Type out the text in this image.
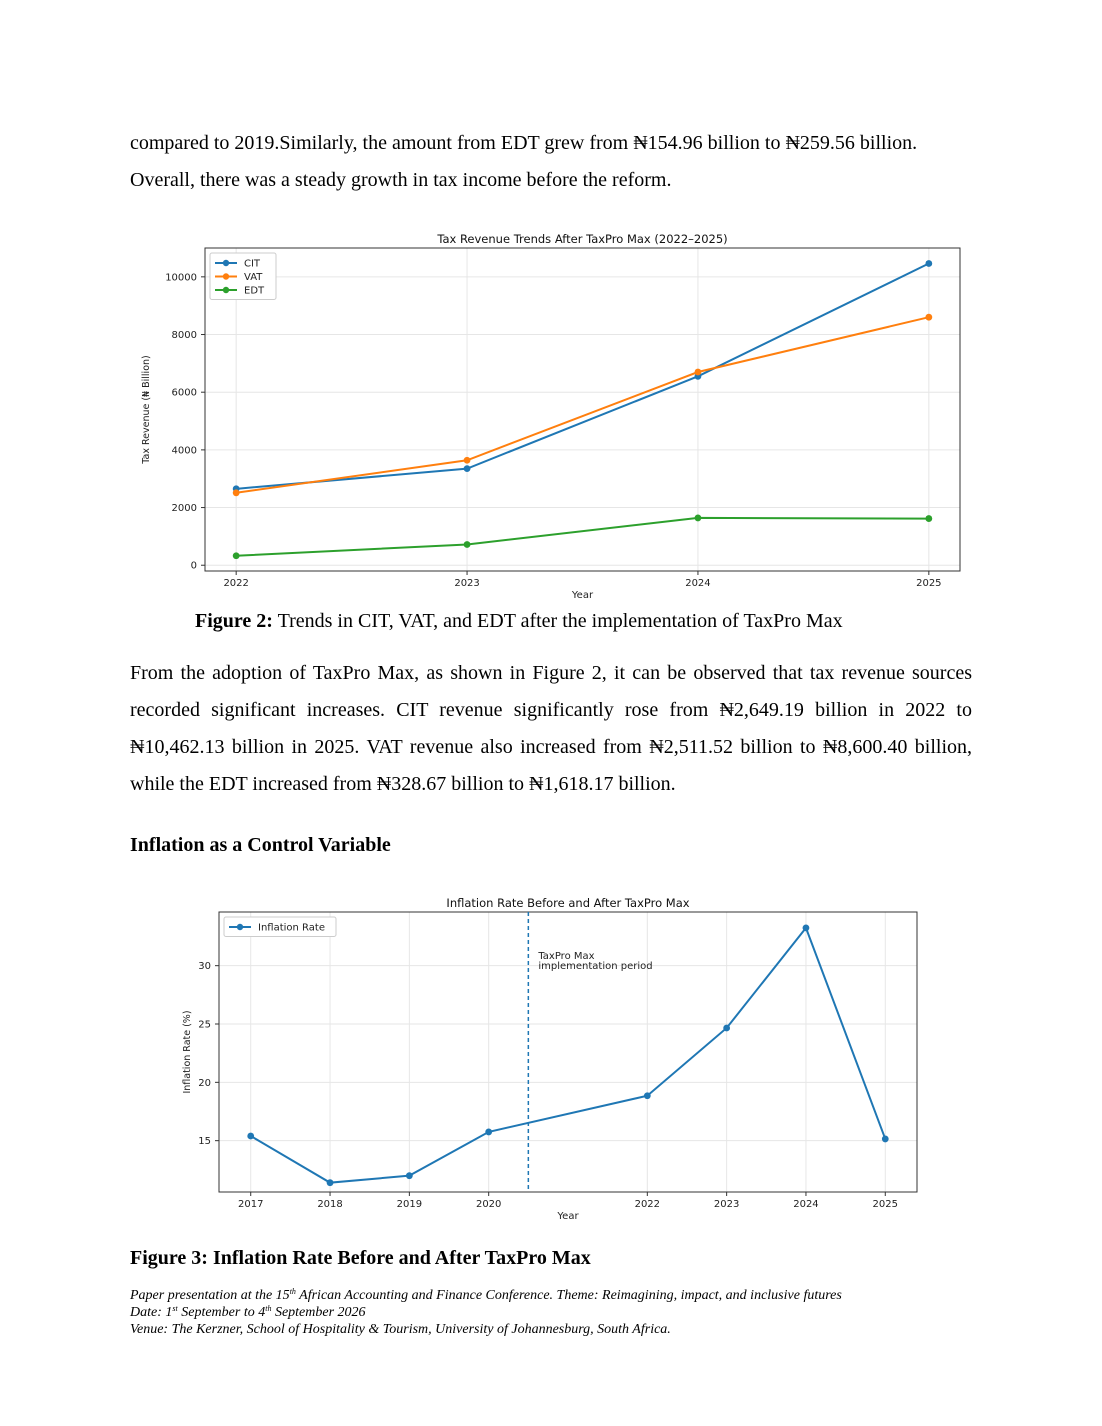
compared to 2019.Similarly, the amount from EDT grew from ₦154.96 billion to ₦259.56 billion. Overall, there was a steady growth in tax income before the reform.

2022	2023	2024	2025
0
2000
4000
6000
8000
10000
Tax Revenue Trends After TaxPro Max (2022–2025)
Year
Tax Revenue (₦ Billion)
CIT
VAT
EDT

Figure 2: Trends in CIT, VAT, and EDT after the implementation of TaxPro Max

From the adoption of TaxPro Max, as shown in Figure 2, it can be observed that tax revenue sources recorded significant increases. CIT revenue significantly rose from ₦2,649.19 billion in 2022 to ₦10,462.13 billion in 2025. VAT revenue also increased from ₦2,511.52 billion to ₦8,600.40 billion, while the EDT increased from ₦328.67 billion to ₦1,618.17 billion.

Inflation as a Control Variable

2017	2018	2019	2020	2022	2023	2024	2025
15
20
25
30
Inflation Rate Before and After TaxPro Max
Year
Inflation Rate (%)
TaxPro Max
implementation period
Inflation Rate

Figure 3: Inflation Rate Before and After TaxPro Max

Paper presentation at the 15th African Accounting and Finance Conference. Theme: Reimagining, impact, and inclusive futures
Date: 1st September to 4th September 2026
Venue: The Kerzner, School of Hospitality & Tourism, University of Johannesburg, South Africa.
